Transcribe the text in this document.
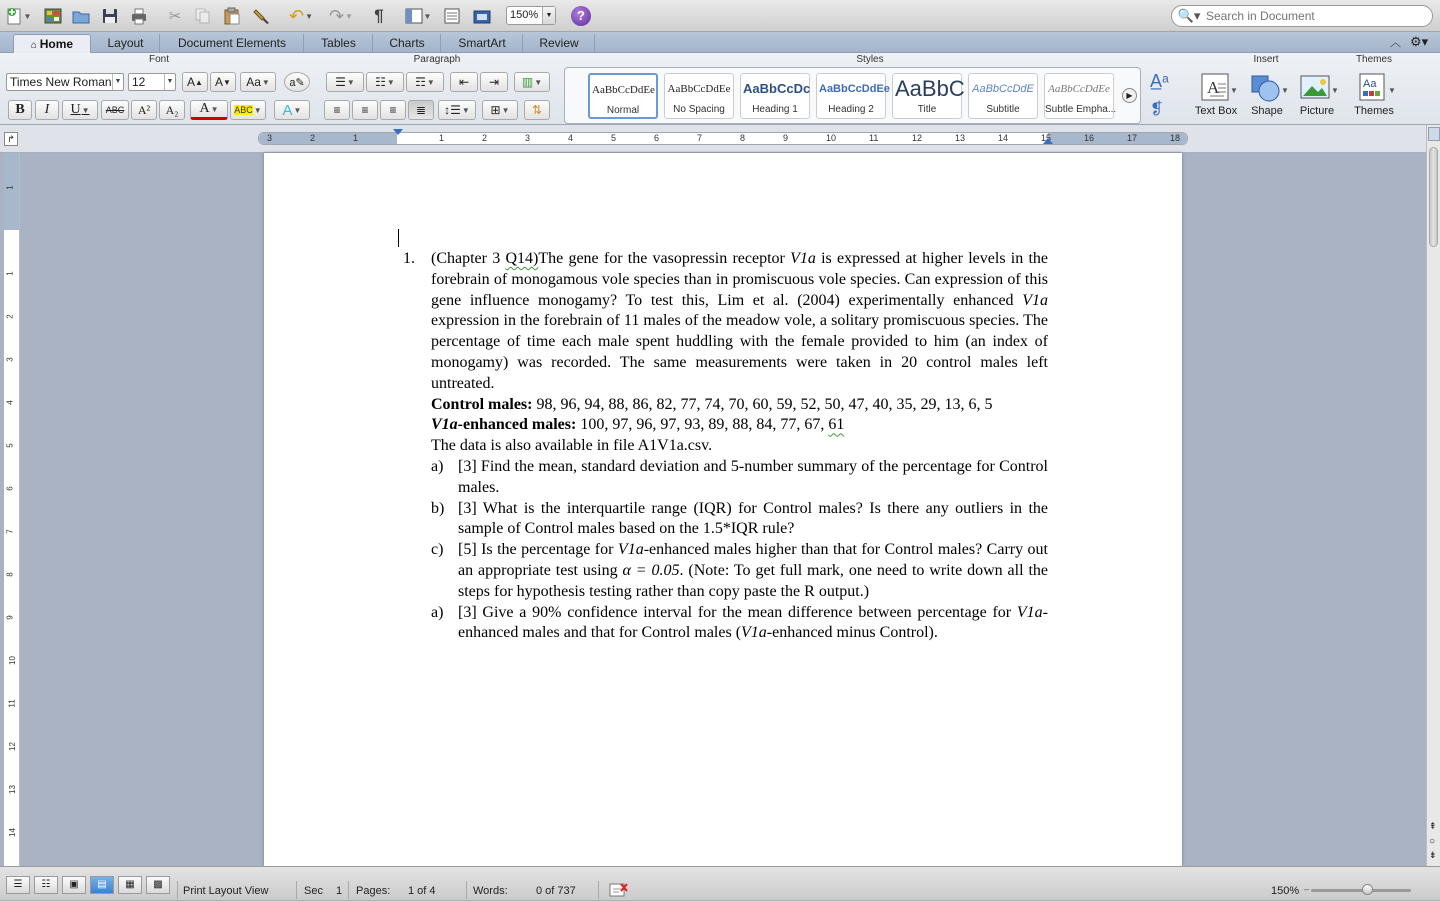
▼	✂	↶ ▼ ↷ ▼ ¶	▼	150%	▼	?	🔍▾
Search in Document
⌂ Home	Layout	Document Elements	Tables	Charts	SmartArt	Review	︿ ⚙▾
Font	Paragraph	Styles	Insert	Themes
Times New Roman ▼ 12	▼ A ▲ A ▼ Aa ▼ a✎
B	I	U ▼	ABC	A²	A₂	A ▼ ABC ▼ A ▼
☰ ▼ ☷ ▼ ☶ ▼ ⇤ ⇥ ▥ ▼
≡ ≡ ≡ ≣ ↕☰ ▼ ⊞ ▼ ⇅
AaBbCcDdEe
Normal
AaBbCcDdEe
No Spacing
AaBbCcDc
Heading 1
AaBbCcDdEe
Heading 2
AaBbC
Title
AaBbCcDdE
Subtitle
AaBbCcDdEe
Subtle Empha...
▶
A̲ᵃ
❡
A ▼
Text Box
▼
Shape
▼
Picture
Aa
▼
Themes
↱	3	2	1	1	2	3	4	5	6	7	8	9	10	11	12	13	14	15	16	17	18
1
1
2
3
4
5
6
7
8
9
10
11
12
13
14
1.	(Chapter 3 Q14)The gene for the vasopressin receptor V1a is expressed at higher levels in the forebrain of monogamous vole species than in promiscuous vole species. Can expression of this gene influence monogamy? To test this, Lim et al. (2004) experimentally enhanced V1a expression in the forebrain of 11 males of the meadow vole, a solitary promiscuous species. The percentage of time each male spent huddling with the female provided to him (an index of monogamy) was recorded. The same measurements were taken in 20 control males left untreated.
Control males: 98, 96, 94, 88, 86, 82, 77, 74, 70, 60, 59, 52, 50, 47, 40, 35, 29, 13, 6, 5
V1a-enhanced males: 100, 97, 96, 97, 93, 89, 88, 84, 77, 67, 61
The data is also available in file A1V1a.csv.
a) [3] Find the mean, standard deviation and 5-number summary of the percentage for Control males.
b) [3] What is the interquartile range (IQR) for Control males? Is there any outliers in the sample of Control males based on the 1.5*IQR rule?
c) [5] Is the percentage for V1a-enhanced males higher than that for Control males? Carry out an appropriate test using α = 0.05. (Note: To get full mark, one need to write down all the steps for hypothesis testing rather than copy paste the R output.)
a) [3] Give a 90% confidence interval for the mean difference between percentage for V1a-enhanced males and that for Control males (V1a-enhanced minus Control).
⇞
○
⇟
☰	☷	▣	▤	▦	▩
Print Layout View	Sec 1 Pages: 1 of 4	Words:	0 of 737	150% –
